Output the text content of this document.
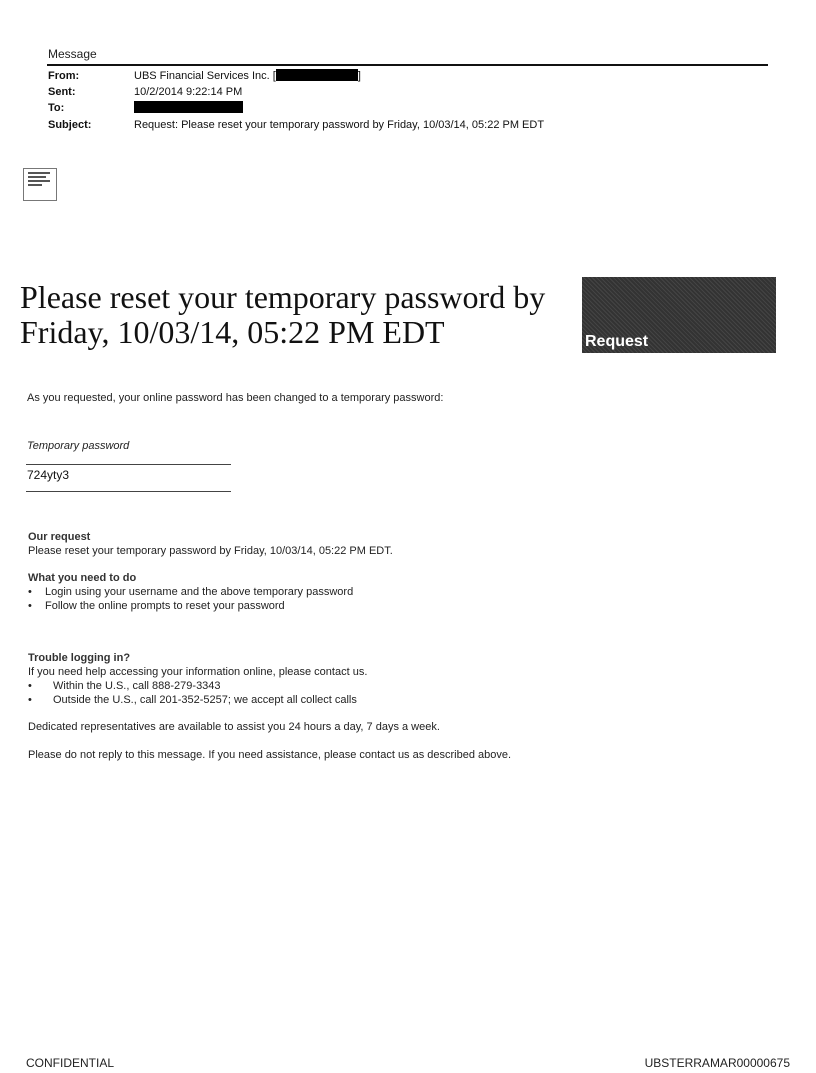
Message
From:	UBS Financial Services Inc. [	]
Sent:	10/2/2014 9:22:14 PM
To:
Subject:	Request: Please reset your temporary password by Friday, 10/03/14, 05:22 PM EDT
Please reset your temporary password by Friday, 10/03/14, 05:22 PM EDT	Request
As you requested, your online password has been changed to a temporary password:
Temporary password
724yty3
Our request
Please reset your temporary password by Friday, 10/03/14, 05:22 PM EDT.
What you need to do
•	Login using your username and the above temporary password
•	Follow the online prompts to reset your password
Trouble logging in?
If you need help accessing your information online, please contact us.
•	Within the U.S., call 888-279-3343
•	Outside the U.S., call 201-352-5257; we accept all collect calls
Dedicated representatives are available to assist you 24 hours a day, 7 days a week.
Please do not reply to this message. If you need assistance, please contact us as described above.
CONFIDENTIAL	UBSTERRAMAR00000675
